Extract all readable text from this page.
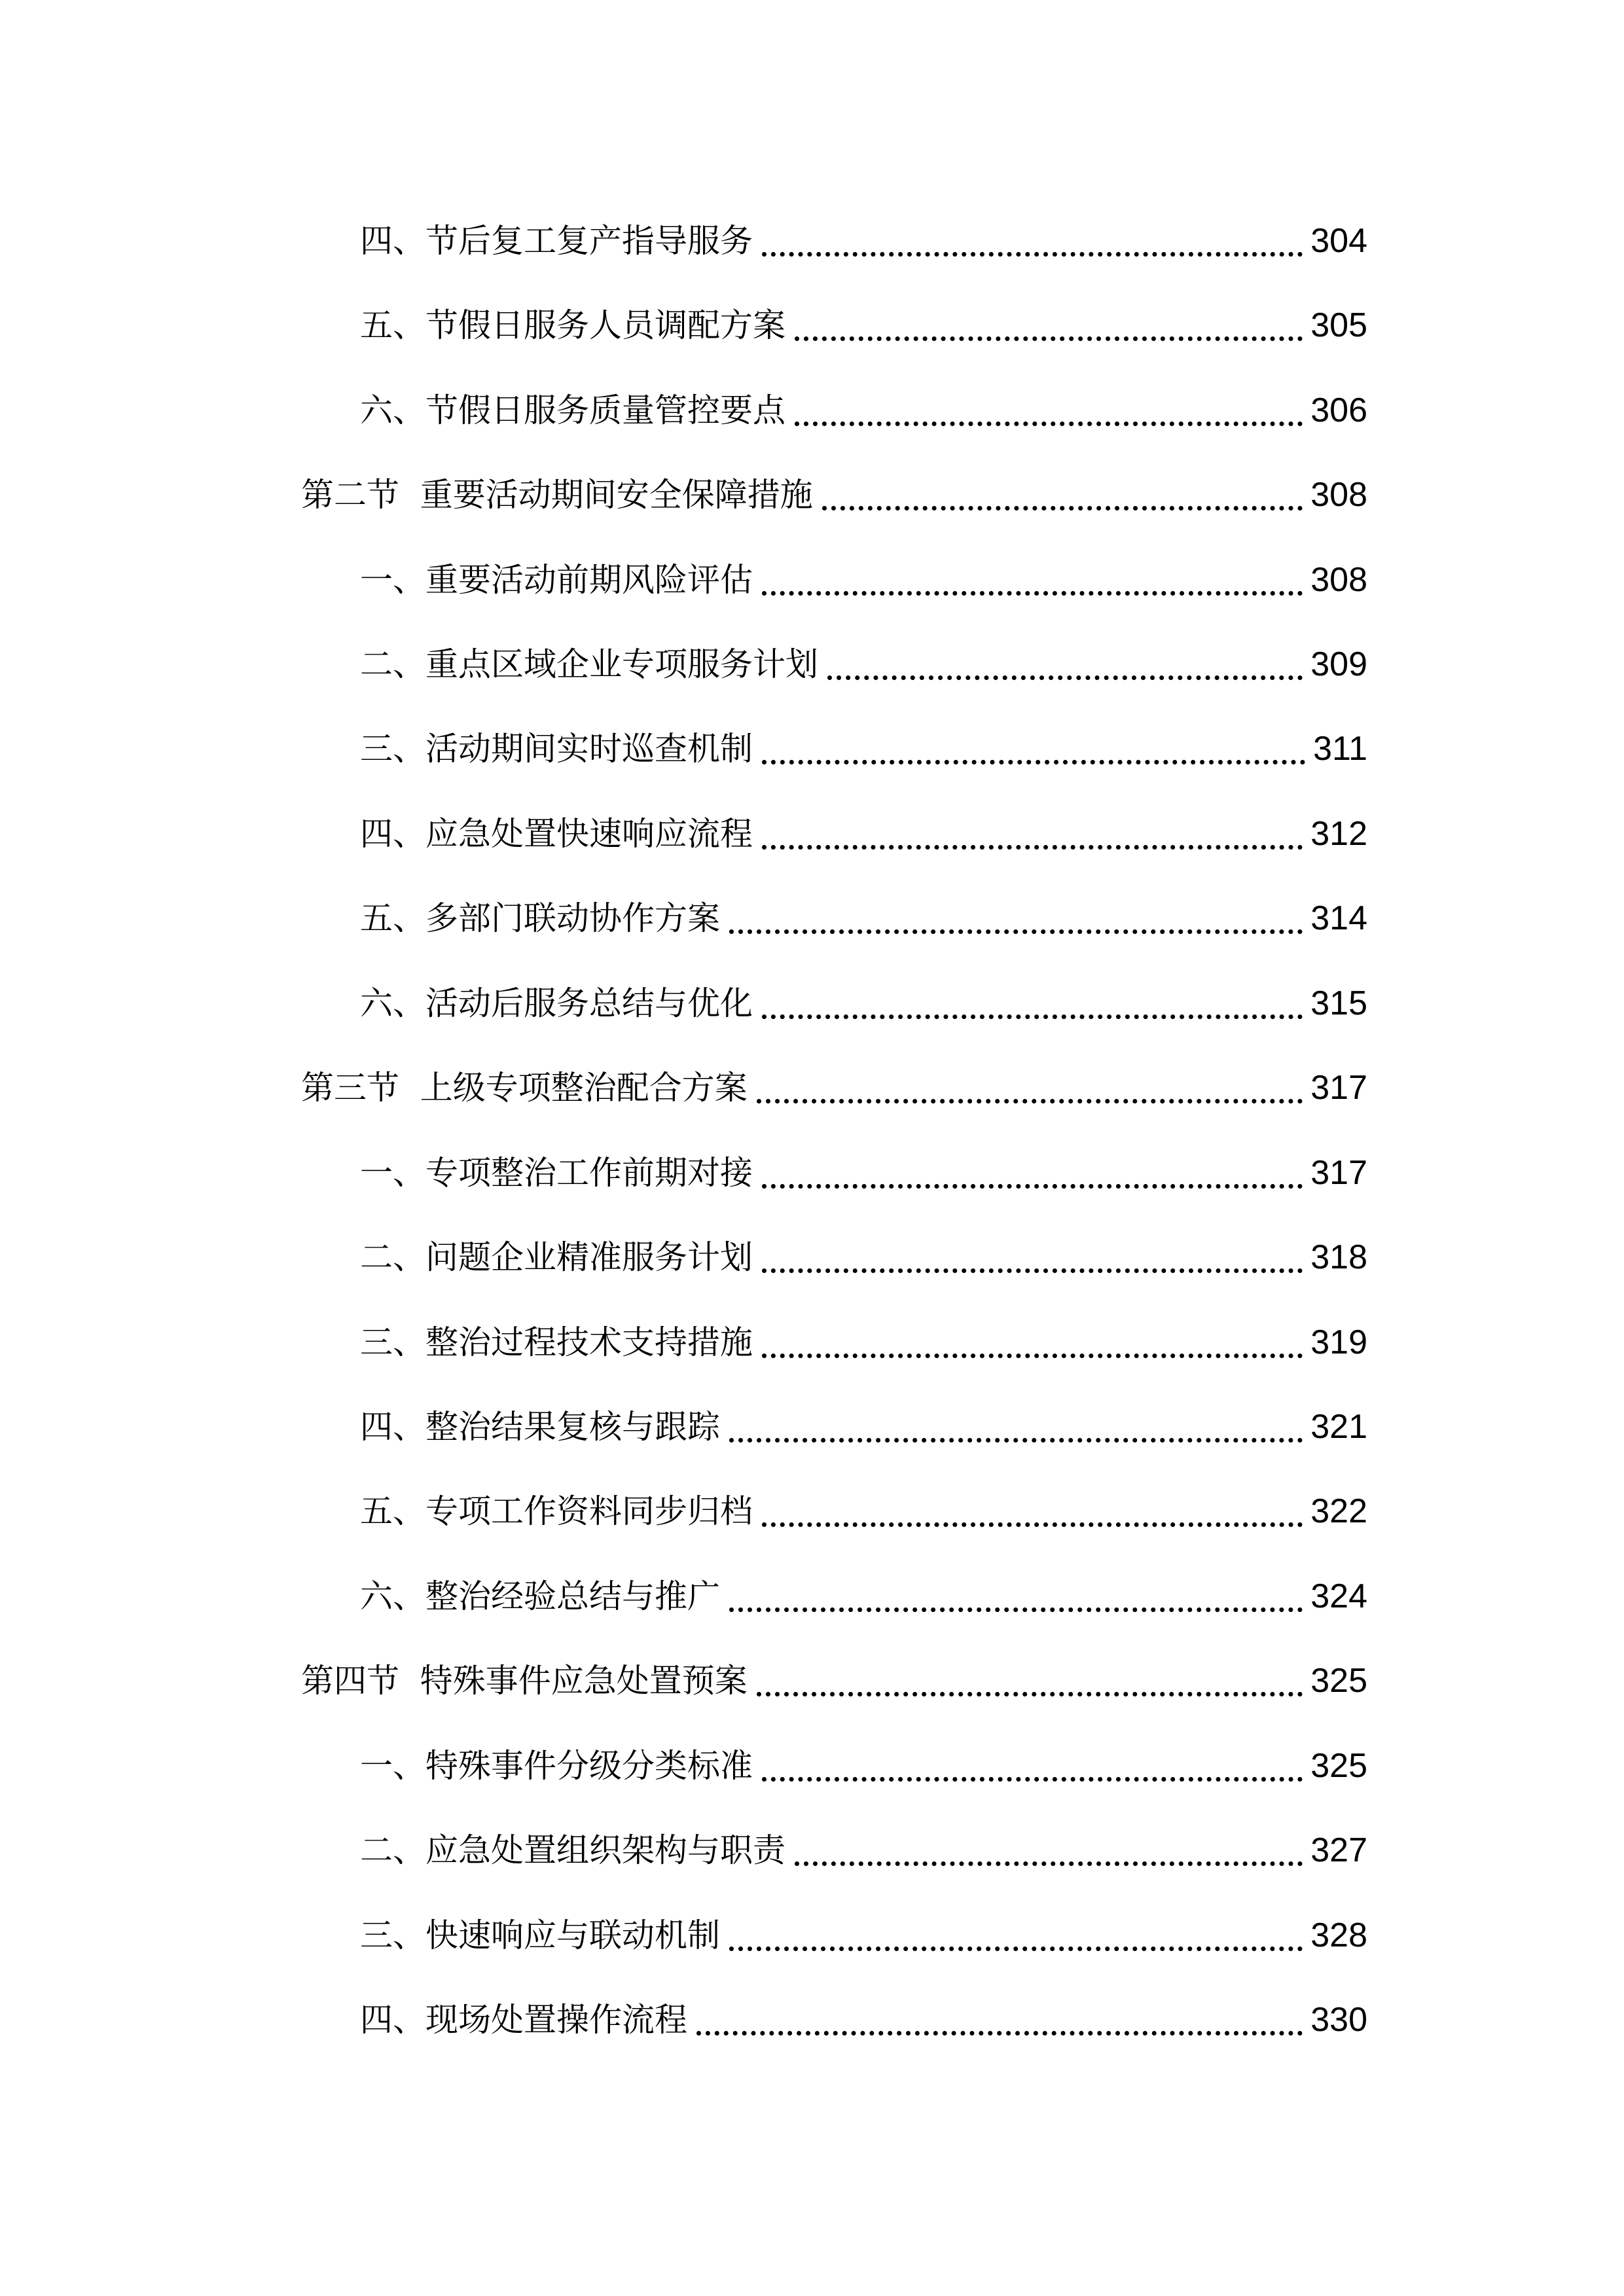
四、节后复工复产指导服务	304
五、节假日服务人员调配方案	305
六、节假日服务质量管控要点	306
第二节  重要活动期间安全保障措施	308
一、重要活动前期风险评估	308
二、重点区域企业专项服务计划	309
三、活动期间实时巡查机制	311
四、应急处置快速响应流程	312
五、多部门联动协作方案	314
六、活动后服务总结与优化	315
第三节  上级专项整治配合方案	317
一、专项整治工作前期对接	317
二、问题企业精准服务计划	318
三、整治过程技术支持措施	319
四、整治结果复核与跟踪	321
五、专项工作资料同步归档	322
六、整治经验总结与推广	324
第四节  特殊事件应急处置预案	325
一、特殊事件分级分类标准	325
二、应急处置组织架构与职责	327
三、快速响应与联动机制	328
四、现场处置操作流程	330
